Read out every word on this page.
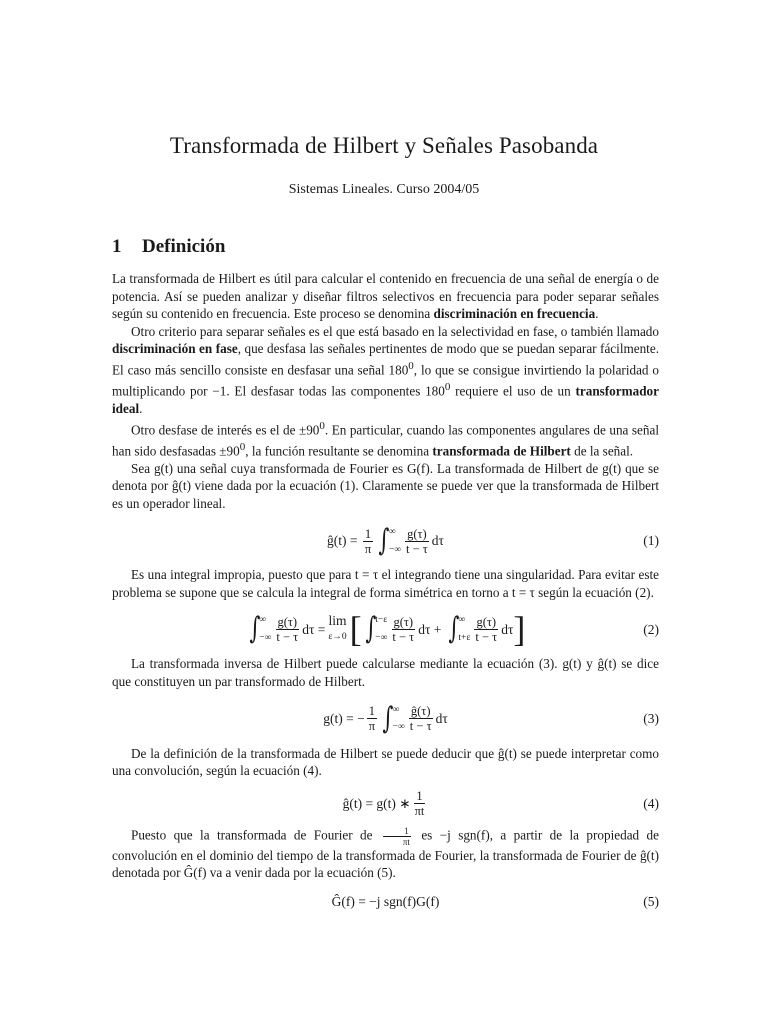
Transformada de Hilbert y Señales Pasobanda
Sistemas Lineales. Curso 2004/05
1 Definición

La transformada de Hilbert es útil para calcular el contenido en frecuencia de una señal de energía o de potencia. Así se pueden analizar y diseñar filtros selectivos en frecuencia para poder separar señales según su contenido en frecuencia. Este proceso se denomina discriminación en frecuencia.

Otro criterio para separar señales es el que está basado en la selectividad en fase, o también llamado discriminación en fase, que desfasa las señales pertinentes de modo que se puedan separar fácilmente. El caso más sencillo consiste en desfasar una señal $180^0$, lo que se consigue invirtiendo la polaridad o multiplicando por −1. El desfasar todas las componentes $180^0$ requiere el uso de un transformador ideal.

Otro desfase de interés es el de $\pm 90^0$. En particular, cuando las componentes angulares de una señal han sido desfasadas $\pm 90^0$, la función resultante se denomina transformada de Hilbert de la señal.

Sea g(t) una señal cuya transformada de Fourier es G(f). La transformada de Hilbert de g(t) que se denota por ĝ(t) viene dada por la ecuación (1). Claramente se puede ver que la transformada de Hilbert es un operador lineal.

ĝ(t) =
$\frac{1}{\pi}$ ∫ ∞
−∞ $\frac{g(\tau)}{t - \tau}$ dτ	(1)

Es una integral impropia, puesto que para t = τ el integrando tiene una singularidad. Para evitar este problema se supone que se calcula la integral de forma simétrica en torno a t = τ según la ecuación (2).

∫ ∞
−∞ $\frac{g(\tau)}{t - \tau}$ dτ =
lim
ε→0 [ ∫ t−ε
−∞ $\frac{g(\tau)}{t - \tau}$ dτ +
∫ ∞
$t+\varepsilon \frac{g(\tau)}{t - \tau}$ dτ ]	(2)

La transformada inversa de Hilbert puede calcularse mediante la ecuación (3). g(t) y ĝ(t) se dice que constituyen un par transformado de Hilbert.

g(t) = − $\frac{1}{\pi}$ ∫ ∞
−∞ $\frac{ĝ(\tau)}{t - \tau}$ dτ	(3)

De la definición de la transformada de Hilbert se puede deducir que ĝ(t) se puede interpretar como una convolución, según la ecuación (4).

ĝ(t) = g(t) ∗ $\frac{1}{\pi t}$	(4)

Puesto que la transformada de Fourier de $\frac{1}{\pi t}$ es −j sgn(f), a partir de la propiedad de convolución en el dominio del tiempo de la transformada de Fourier, la transformada de Fourier de ĝ(t) denotada por Ĝ(f) va a venir dada por la ecuación (5).

Ĝ(f) = −j sgn(f)G(f)	(5)
